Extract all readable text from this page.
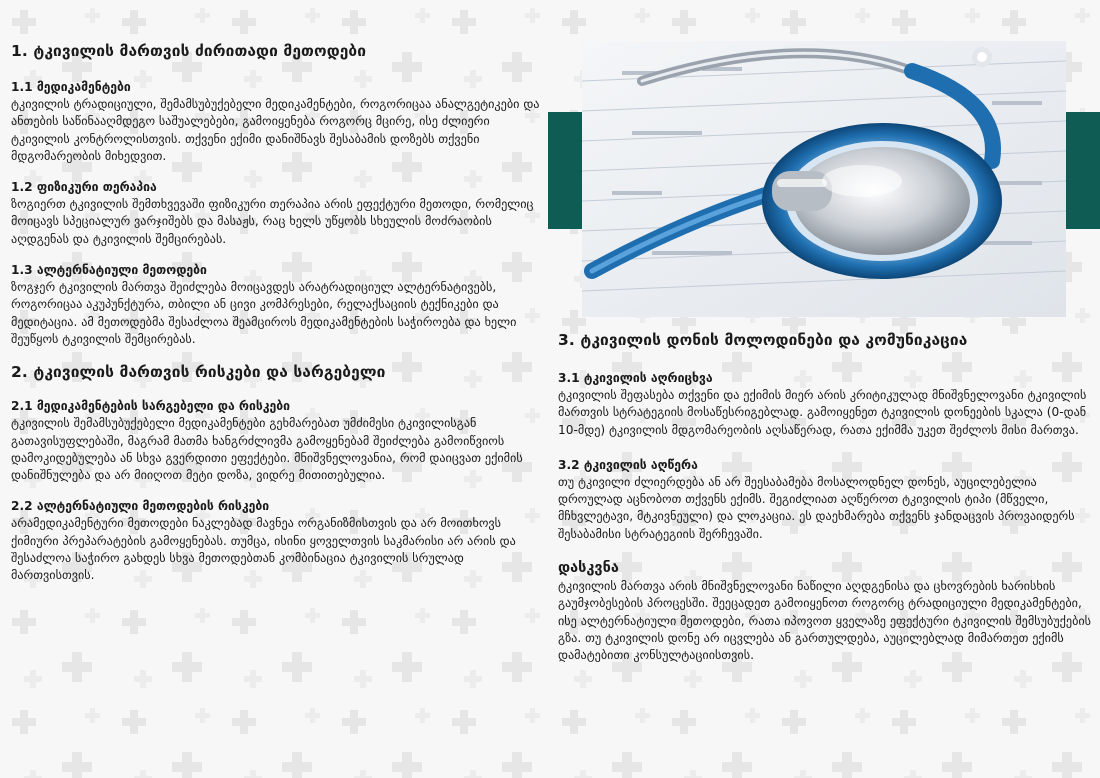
1. ტკივილის მართვის ძირითადი მეთოდები
1.1 მედიკამენტები

ტკივილის ტრადიციული, შემამსუბუქებელი მედიკამენტები, როგორიცაა ანალგეტიკები და ანთების საწინააღმდეგო საშუალებები, გამოიყენება როგორც მცირე, ისე ძლიერი ტკივილის კონტროლისთვის. თქვენი ექიმი დანიშნავს შესაბამის დოზებს თქვენი მდგომარეობის მიხედვით.

1.2 ფიზიკური თერაპია

ზოგიერთ ტკივილის შემთხვევაში ფიზიკური თერაპია არის ეფექტური მეთოდი, რომელიც მოიცავს სპეციალურ ვარჯიშებს და მასაჟს, რაც ხელს უწყობს სხეულის მოძრაობის აღდგენას და ტკივილის შემცირებას.

1.3 ალტერნატიული მეთოდები

ზოგჯერ ტკივილის მართვა შეიძლება მოიცავდეს არატრადიციულ ალტერნატივებს, როგორიცაა აკუპუნქტურა, თბილი ან ცივი კომპრესები, რელაქსაციის ტექნიკები და მედიტაცია. ამ მეთოდებმა შესაძლოა შეამციროს მედიკამენტების საჭიროება და ხელი შეუწყოს ტკივილის შემცირებას.

2. ტკივილის მართვის რისკები და სარგებელი
2.1 მედიკამენტების სარგებელი და რისკები

ტკივილის შემამსუბუქებელი მედიკამენტები გეხმარებათ უმძიმესი ტკივილისგან გათავისუფლებაში, მაგრამ მათმა ხანგრძლივმა გამოყენებამ შეიძლება გამოიწვიოს დამოკიდებულება ან სხვა გვერდითი ეფექტები. მნიშვნელოვანია, რომ დაიცვათ ექიმის დანიშნულება და არ მიიღოთ მეტი დოზა, ვიდრე მითითებულია.

2.2 ალტერნატიული მეთოდების რისკები

არამედიკამენტური მეთოდები ნაკლებად მავნეა ორგანიზმისთვის და არ მოითხოვს ქიმიური პრეპარატების გამოყენებას. თუმცა, ისინი ყოველთვის საკმარისი არ არის და შესაძლოა საჭირო გახდეს სხვა მეთოდებთან კომბინაცია ტკივილის სრულად მართვისთვის.

3. ტკივილის დონის მოლოდინები და კომუნიკაცია
3.1 ტკივილის აღრიცხვა

ტკივილის შეფასება თქვენი და ექიმის მიერ არის კრიტიკულად მნიშვნელოვანი ტკივილის მართვის სტრატეგიის მოსაწესრიგებლად. გამოიყენეთ ტკივილის დონეების სკალა (0-დან 10-მდე) ტკივილის მდგომარეობის აღსაწერად, რათა ექიმმა უკეთ შეძლოს მისი მართვა.

3.2 ტკივილის აღწერა

თუ ტკივილი ძლიერდება ან არ შეესაბამება მოსალოდნელ დონეს, აუცილებელია დროულად აცნობოთ თქვენს ექიმს. შეგიძლიათ აღწეროთ ტკივილის ტიპი (მწველი, მჩხვლეტავი, მტკივნეული) და ლოკაცია. ეს დაეხმარება თქვენს ჯანდაცვის პროვაიდერს შესაბამისი სტრატეგიის შერჩევაში.

დასკვნა

ტკივილის მართვა არის მნიშვნელოვანი ნაწილი აღდგენისა და ცხოვრების ხარისხის გაუმჯობესების პროცესში. შეეცადეთ გამოიყენოთ როგორც ტრადიციული მედიკამენტები, ისე ალტერნატიული მეთოდები, რათა იპოვოთ ყველაზე ეფექტური ტკივილის შემსუბუქების გზა. თუ ტკივილის დონე არ იცვლება ან გართულდება, აუცილებლად მიმართეთ ექიმს დამატებითი კონსულტაციისთვის.
